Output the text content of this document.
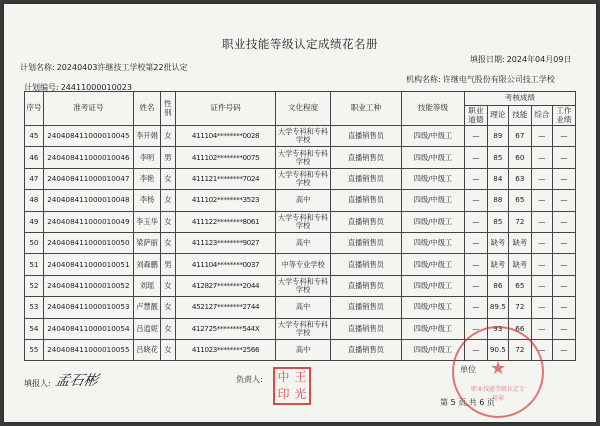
职业技能等级认定成绩花名册
计划名称: 20240403许继技工学校第22批认定
填报日期: 2024年04月09日
机构名称: 许继电气股份有限公司技工学校
计划编号: 24411000010023
序号	准考证号	姓名	性别	证件号码	文化程度	职业工种	技能等级	考核成绩				
								职业道德	理论	技能	综合	工作业绩
45	240408411000010045	李开娟	女	411104********0028	大学专科和专科学校	直播销售员	四级/中级工	—	89	67	—	—
46	240408411000010046	李明	男	411102********0075	大学专科和专科学校	直播销售员	四级/中级工	—	85	60	—	—
47	240408411000010047	李艳	女	411121********7024	大学专科和专科学校	直播销售员	四级/中级工	—	84	63	—	—
48	240408411000010048	李杨	女	411102********3523	高中	直播销售员	四级/中级工	—	88	65	—	—
49	240408411000010049	李玉华	女	411122********8061	大学专科和专科学校	直播销售员	四级/中级工	—	85	72	—	—
50	240408411000010050	梁萨丽	女	411123********9027	高中	直播销售员	四级/中级工	—	缺考	缺考	—	—
51	240408411000010051	刘森鹏	男	411104********0037	中等专业学校	直播销售员	四级/中级工	—	缺考	缺考	—	—
52	240408411000010052	刘瑶	女	412827********2044	大学专科和专科学校	直播销售员	四级/中级工	—	86	65	—	—
53	240408411000010053	卢慧靓	女	452127********2744	高中	直播销售员	四级/中级工	—	89.5	72	—	—
54	240408411000010054	吕逍妮	女	412725********544X	大学专科和专科学校	直播销售员	四级/中级工	—	93	66	—	—
55	240408411000010055	吕晓花	女	411023********2566	高中	直播销售员	四级/中级工	—	90.5	72	—	—
填报人: 孟石彬	负责人:
单位
第 5 页,共 6 页
中 王
印 光
★
职业技能等级认定专用章
